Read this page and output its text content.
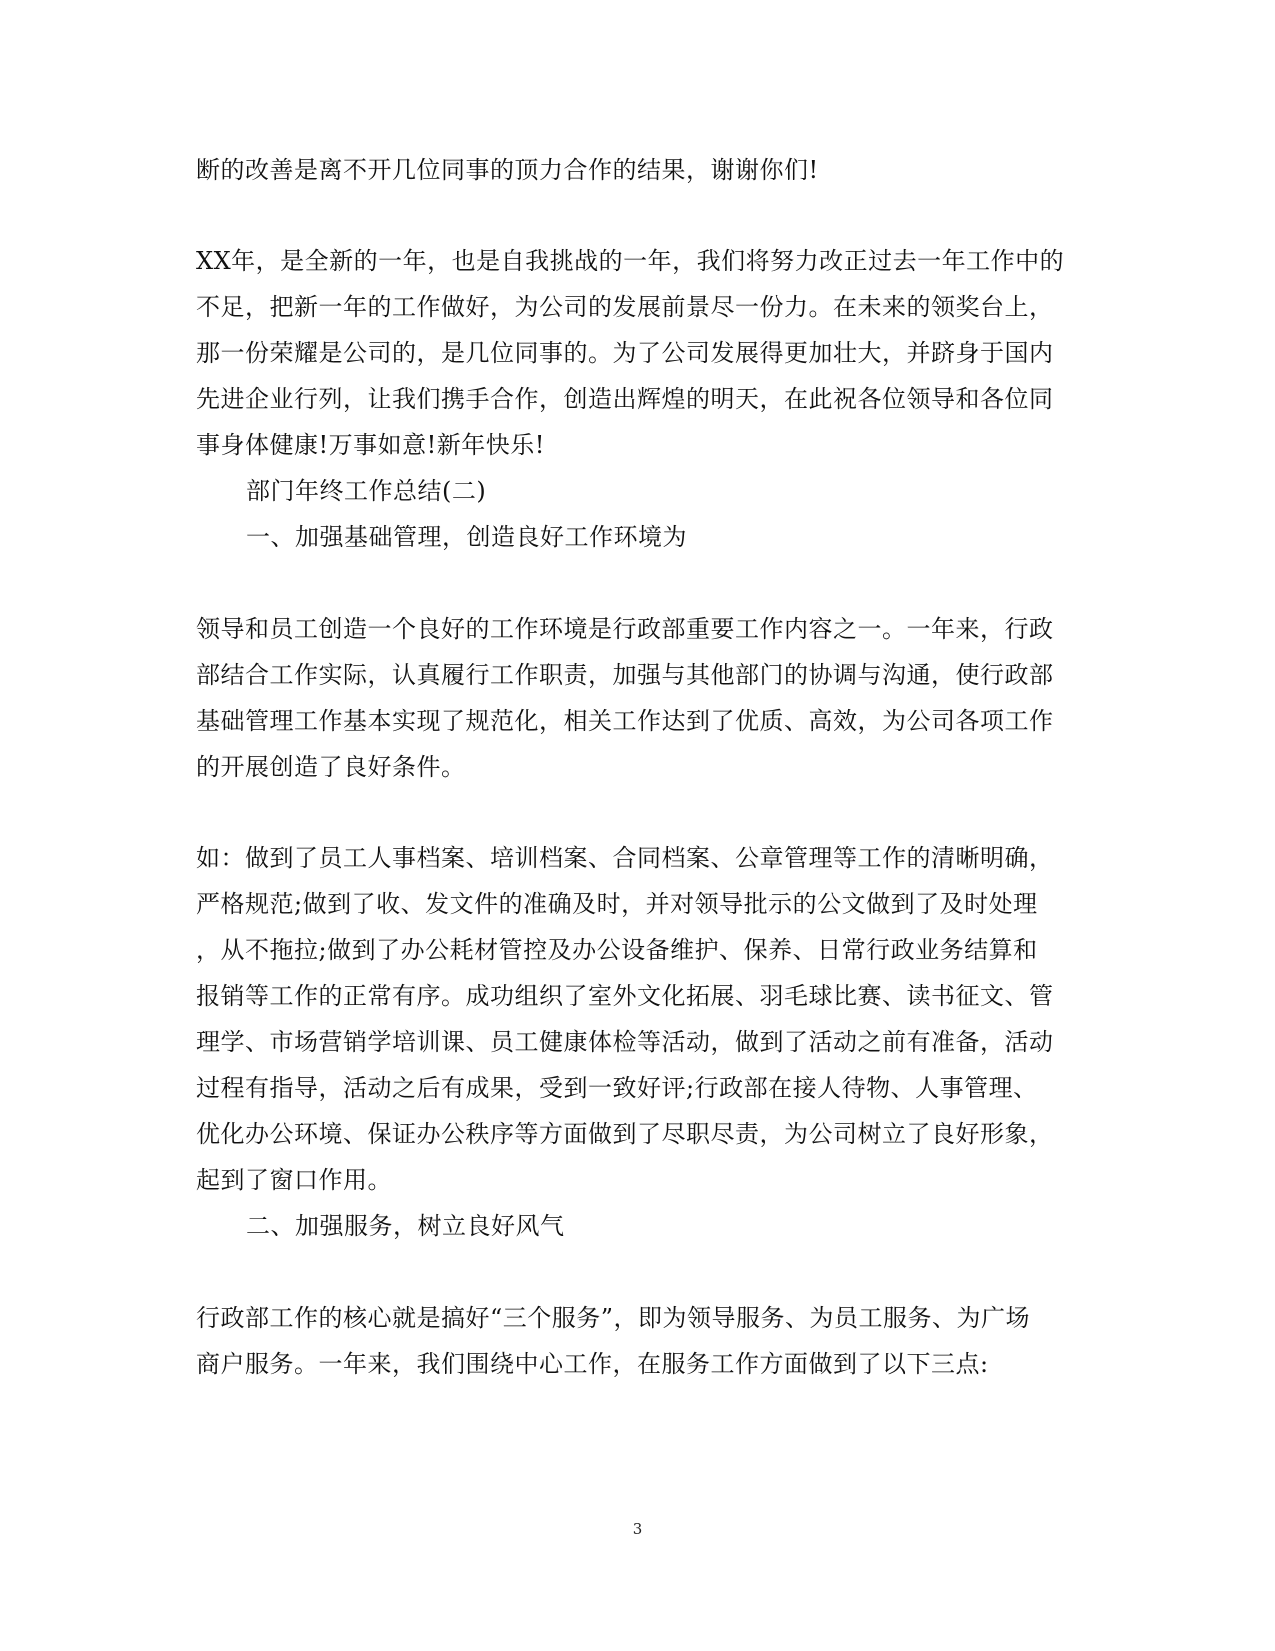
断的改善是离不开几位同事的顶力合作的结果，谢谢你们!
XX年，是全新的一年，也是自我挑战的一年，我们将努力改正过去一年工作中的
不足，把新一年的工作做好，为公司的发展前景尽一份力。在未来的领奖台上，
那一份荣耀是公司的，是几位同事的。为了公司发展得更加壮大，并跻身于国内
先进企业行列，让我们携手合作，创造出辉煌的明天，在此祝各位领导和各位同
事身体健康!万事如意!新年快乐!
部门年终工作总结(二)
一、加强基础管理，创造良好工作环境为
领导和员工创造一个良好的工作环境是行政部重要工作内容之一。一年来，行政
部结合工作实际，认真履行工作职责，加强与其他部门的协调与沟通，使行政部
基础管理工作基本实现了规范化，相关工作达到了优质、高效，为公司各项工作
的开展创造了良好条件。
如：做到了员工人事档案、培训档案、合同档案、公章管理等工作的清晰明确，
严格规范;做到了收、发文件的准确及时，并对领导批示的公文做到了及时处理
，从不拖拉;做到了办公耗材管控及办公设备维护、保养、日常行政业务结算和
报销等工作的正常有序。成功组织了室外文化拓展、羽毛球比赛、读书征文、管
理学、市场营销学培训课、员工健康体检等活动，做到了活动之前有准备，活动
过程有指导，活动之后有成果，受到一致好评;行政部在接人待物、人事管理、
优化办公环境、保证办公秩序等方面做到了尽职尽责，为公司树立了良好形象，
起到了窗口作用。
二、加强服务，树立良好风气
行政部工作的核心就是搞好“三个服务”，即为领导服务、为员工服务、为广场
商户服务。一年来，我们围绕中心工作，在服务工作方面做到了以下三点:
3
